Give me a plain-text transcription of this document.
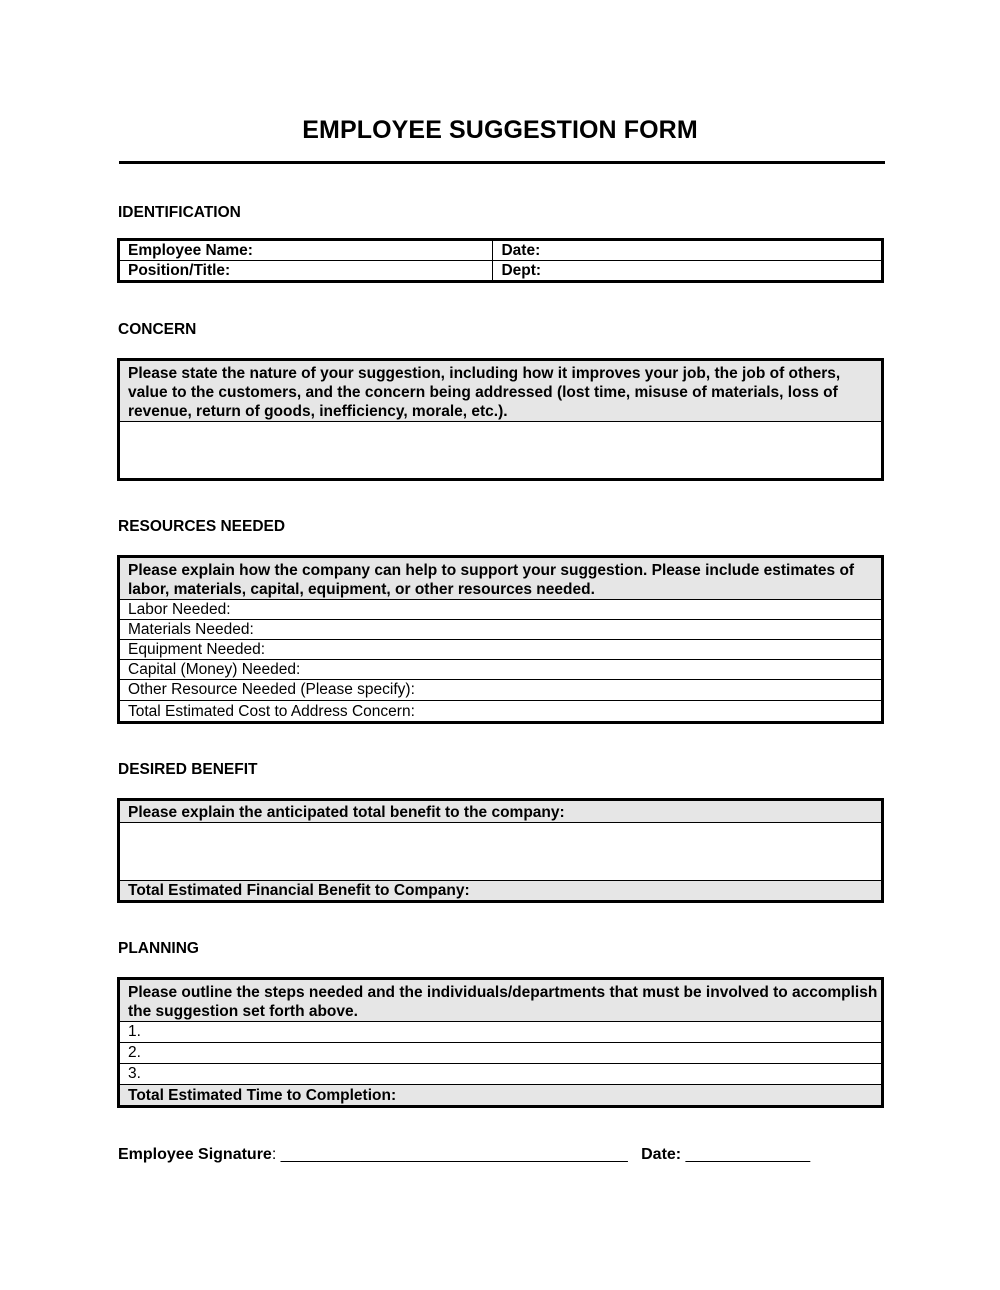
EMPLOYEE SUGGESTION FORM
IDENTIFICATION
Employee Name:	Date:
Position/Title:	Dept:
CONCERN
Please state the nature of your suggestion, including how it improves your job, the job of others, value to the customers, and the concern being addressed (lost time, misuse of materials, loss of revenue, return of goods, inefficiency, morale, etc.).

RESOURCES NEEDED
Please explain how the company can help to support your suggestion. Please include estimates of labor, materials, capital, equipment, or other resources needed.
Labor Needed:
Materials Needed:
Equipment Needed:
Capital (Money) Needed:
Other Resource Needed (Please specify):
Total Estimated Cost to Address Concern:
DESIRED BENEFIT
Please explain the anticipated total benefit to the company:

Total Estimated Financial Benefit to Company:
PLANNING
Please outline the steps needed and the individuals/departments that must be involved to accomplish the suggestion set forth above.
1.
2.
3.
Total Estimated Time to Completion:
Employee Signature: _______________________________________ Date: ______________
